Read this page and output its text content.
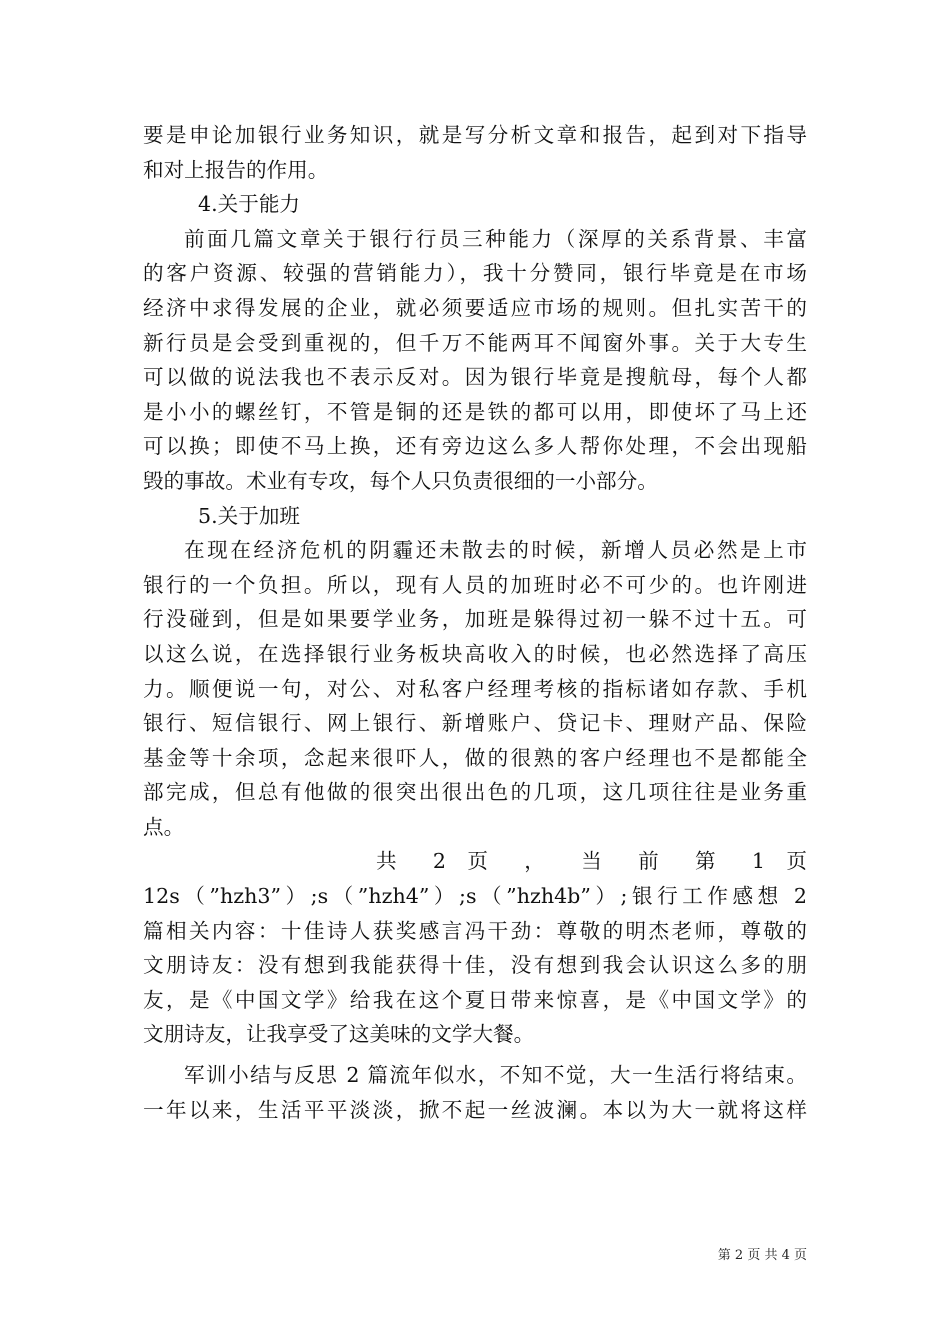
要是申论加银行业务知识，就是写分析文章和报告，起到对下指导
和对上报告的作用。
4.关于能力
前面几篇文章关于银行行员三种能力（深厚的关系背景、丰富
的客户资源、较强的营销能力），我十分赞同，银行毕竟是在市场
经济中求得发展的企业，就必须要适应市场的规则。但扎实苦干的
新行员是会受到重视的，但千万不能两耳不闻窗外事。关于大专生
可以做的说法我也不表示反对。因为银行毕竟是搜航母，每个人都
是小小的螺丝钉，不管是铜的还是铁的都可以用，即使坏了马上还
可以换；即使不马上换，还有旁边这么多人帮你处理，不会出现船
毁的事故。术业有专攻，每个人只负责很细的一小部分。
5.关于加班
在现在经济危机的阴霾还未散去的时候，新增人员必然是上市
银行的一个负担。所以，现有人员的加班时必不可少的。也许刚进
行没碰到，但是如果要学业务，加班是躲得过初一躲不过十五。可
以这么说，在选择银行业务板块高收入的时候，也必然选择了高压
力。顺便说一句，对公、对私客户经理考核的指标诸如存款、手机
银行、短信银行、网上银行、新增账户、贷记卡、理财产品、保险
基金等十余项，念起来很吓人，做的很熟的客户经理也不是都能全
部完成，但总有他做的很突出很出色的几项，这几项往往是业务重
点。
共 2 页 ， 当 前 第 1 页
12s（”hzh3”）;s（”hzh4”）;s（”hzh4b”）;银行工作感想 2
篇相关内容：十佳诗人获奖感言冯干劲：尊敬的明杰老师，尊敬的
文朋诗友：没有想到我能获得十佳，没有想到我会认识这么多的朋
友，是《中国文学》给我在这个夏日带来惊喜，是《中国文学》的
文朋诗友，让我享受了这美味的文学大餐。
军训小结与反思 2 篇流年似水，不知不觉，大一生活行将结束。
一年以来，生活平平淡淡，掀不起一丝波澜。本以为大一就将这样
第 2 页 共 4 页
